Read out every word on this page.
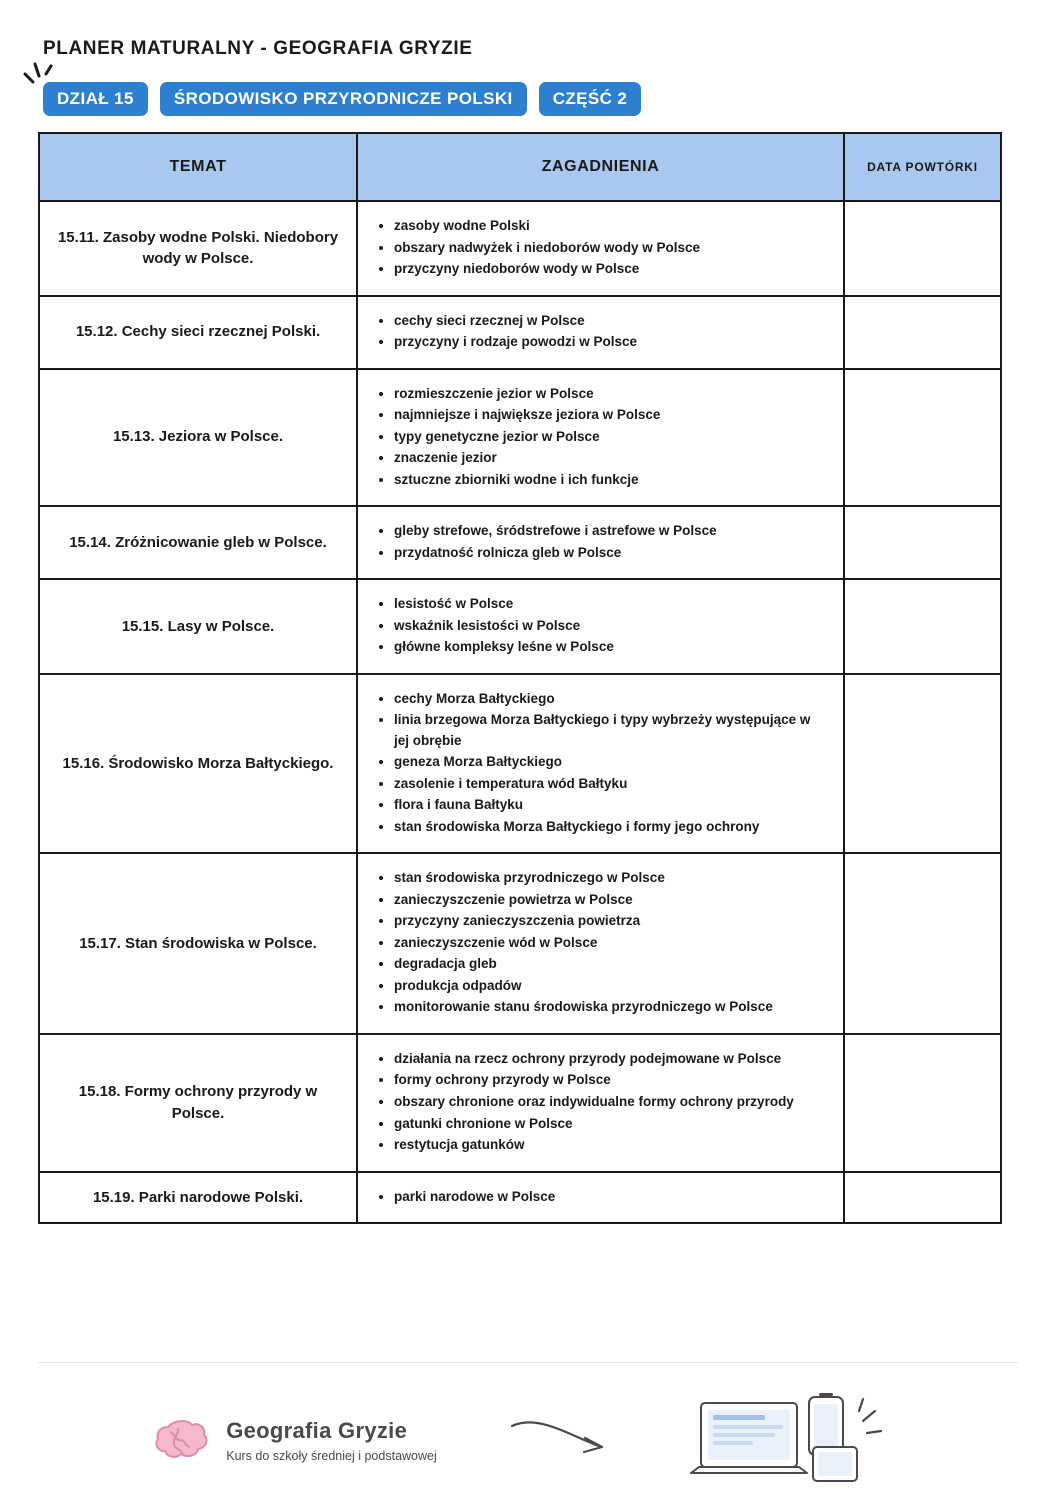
PLANER MATURALNY - GEOGRAFIA GRYZIE
DZIAŁ 15	ŚRODOWISKO PRZYRODNICZE POLSKI	CZĘŚĆ 2
TEMAT	ZAGADNIENIA	DATA POWTÓRKI
15.11. Zasoby wodne Polski. Niedobory wody w Polsce.	
• zasoby wodne Polski
• obszary nadwyżek i niedoborów wody w Polsce
• przyczyny niedoborów wody w Polsce

15.12. Cechy sieci rzecznej Polski.	
• cechy sieci rzecznej w Polsce
• przyczyny i rodzaje powodzi w Polsce

15.13. Jeziora w Polsce.	
• rozmieszczenie jezior w Polsce
• najmniejsze i największe jeziora w Polsce
• typy genetyczne jezior w Polsce
• znaczenie jezior
• sztuczne zbiorniki wodne i ich funkcje

15.14. Zróżnicowanie gleb w Polsce.	
• gleby strefowe, śródstrefowe i astrefowe w Polsce
• przydatność rolnicza gleb w Polsce

15.15. Lasy w Polsce.	
• lesistość w Polsce
• wskaźnik lesistości w Polsce
• główne kompleksy leśne w Polsce

15.16. Środowisko Morza Bałtyckiego.	
• cechy Morza Bałtyckiego
• linia brzegowa Morza Bałtyckiego i typy wybrzeży występujące w jej obrębie
• geneza Morza Bałtyckiego
• zasolenie i temperatura wód Bałtyku
• flora i fauna Bałtyku
• stan środowiska Morza Bałtyckiego i formy jego ochrony

15.17. Stan środowiska w Polsce.	
• stan środowiska przyrodniczego w Polsce
• zanieczyszczenie powietrza w Polsce
• przyczyny zanieczyszczenia powietrza
• zanieczyszczenie wód w Polsce
• degradacja gleb
• produkcja odpadów
• monitorowanie stanu środowiska przyrodniczego w Polsce

15.18. Formy ochrony przyrody w Polsce.	
• działania na rzecz ochrony przyrody podejmowane w Polsce
• formy ochrony przyrody w Polsce
• obszary chronione oraz indywidualne formy ochrony przyrody
• gatunki chronione w Polsce
• restytucja gatunków

15.19. Parki narodowe Polski.	
•parki narodowe w Polsce

Geografia Gryzie
Kurs do szkoły średniej i podstawowej
